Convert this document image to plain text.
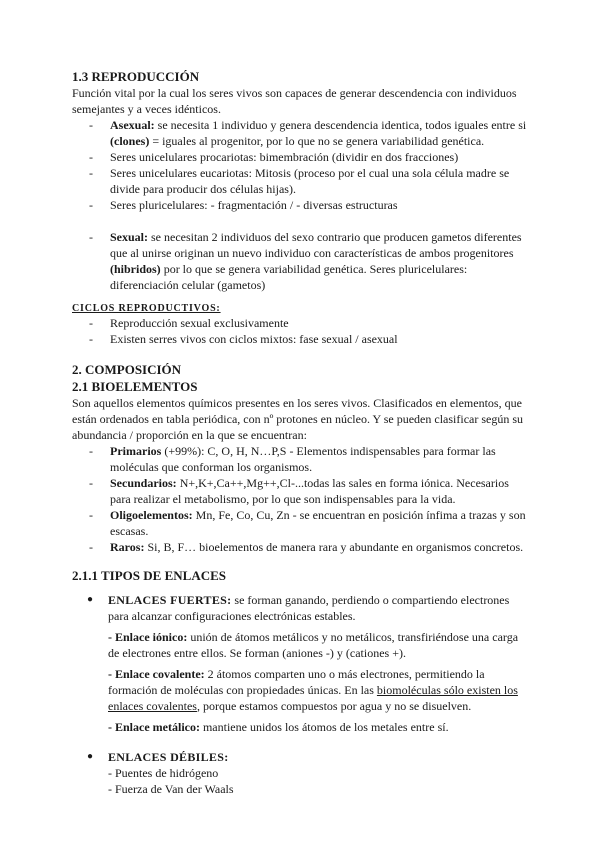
1.3 REPRODUCCIÓN

Función vital por la cual los seres vivos son capaces de generar descendencia con individuos semejantes y a veces idénticos.

- Asexual: se necesita 1 individuo y genera descendencia identica, todos iguales entre si (clones) = iguales al progenitor, por lo que no se genera variabilidad genética.
- Seres unicelulares procariotas: bimembración (dividir en dos fracciones)
- Seres unicelulares eucariotas: Mitosis (proceso por el cual una sola célula madre se divide para producir dos células hijas).
- Seres pluricelulares: - fragmentación / - diversas estructuras
- Sexual: se necesitan 2 individuos del sexo contrario que producen gametos diferentes que al unirse originan un nuevo individuo con características de ambos progenitores (hibridos) por lo que se genera variabilidad genética. Seres pluricelulares: diferenciación celular (gametos)

CICLOS REPRODUCTIVOS:

- Reproducción sexual exclusivamente
- Existen serres vivos con ciclos mixtos: fase sexual / asexual

2. COMPOSICIÓN

2.1 BIOELEMENTOS

Son aquellos elementos químicos presentes en los seres vivos. Clasificados en elementos, que están ordenados en tabla periódica, con nº protones en núcleo. Y se pueden clasificar según su abundancia / proporción en la que se encuentran:

- Primarios (+99%): C, O, H, N…P,S - Elementos indispensables para formar las moléculas que conforman los organismos.
- Secundarios: N+,K+,Ca++,Mg++,Cl-...todas las sales en forma iónica. Necesarios para realizar el metabolismo, por lo que son indispensables para la vida.
- Oligoelementos: Mn, Fe, Co, Cu, Zn - se encuentran en posición ínfima a trazas y son escasas.
- Raros: Si, B, F… bioelementos de manera rara y abundante en organismos concretos.

2.1.1 TIPOS DE ENLACES

● ENLACES FUERTES: se forman ganando, perdiendo o compartiendo electrones para alcanzar configuraciones electrónicas estables.

- Enlace iónico: unión de átomos metálicos y no metálicos, transfiriéndose una carga de electrones entre ellos. Se forman (aniones -) y (cationes +).

- Enlace covalente: 2 átomos comparten uno o más electrones, permitiendo la formación de moléculas con propiedades únicas. En las biomoléculas sólo existen los enlaces covalentes, porque estamos compuestos por agua y no se disuelven.

- Enlace metálico: mantiene unidos los átomos de los metales entre sí.

● ENLACES DÉBILES:

- Puentes de hidrógeno

- Fuerza de Van der Waals
